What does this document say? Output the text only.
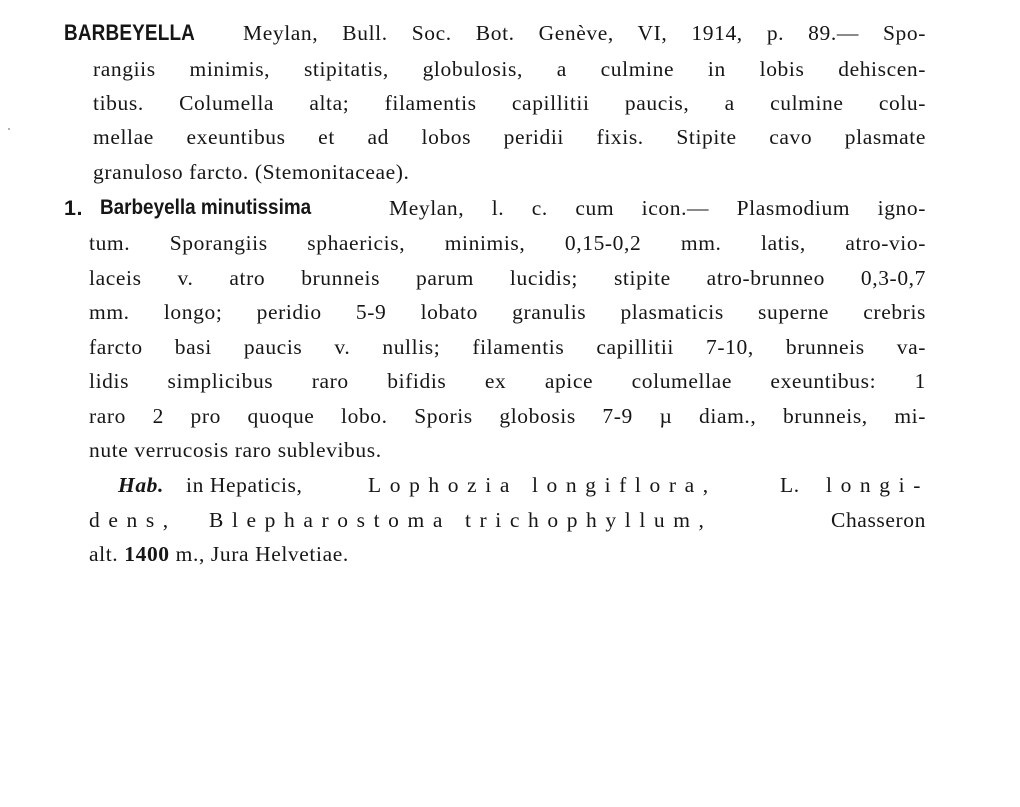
BARBEYELLA Meylan, Bull. Soc. Bot. Genève, VI, 1914, p. 89.— Spo-
rangiis minimis, stipitatis, globulosis, a culmine in lobis dehiscen-
tibus. Columella alta; filamentis capillitii paucis, a culmine colu-
mellae exeuntibus et ad lobos peridii fixis. Stipite cavo plasmate
granuloso farcto. (Stemonitaceae).
1. Barbeyella minutissima	Meylan, l. c. cum icon.— Plasmodium igno-
tum. Sporangiis sphaericis, minimis, 0,15-0,2 mm. latis, atro-vio-
laceis v. atro brunneis parum lucidis; stipite atro-brunneo 0,3-0,7
mm. longo; peridio 5-9 lobato granulis plasmaticis superne crebris
farcto basi paucis v. nullis; filamentis capillitii 7-10, brunneis va-
lidis simplicibus raro bifidis ex apice columellae exeuntibus: 1
raro 2 pro quoque lobo. Sporis globosis 7-9 µ diam., brunneis, mi-
nute verrucosis raro sublevibus.
Hab. in Hepaticis,	Lophozia longiflora,	L. longi-
dens, Blepharostoma trichophyllum,	Chasseron
alt. 1400 m., Jura Helvetiae.
